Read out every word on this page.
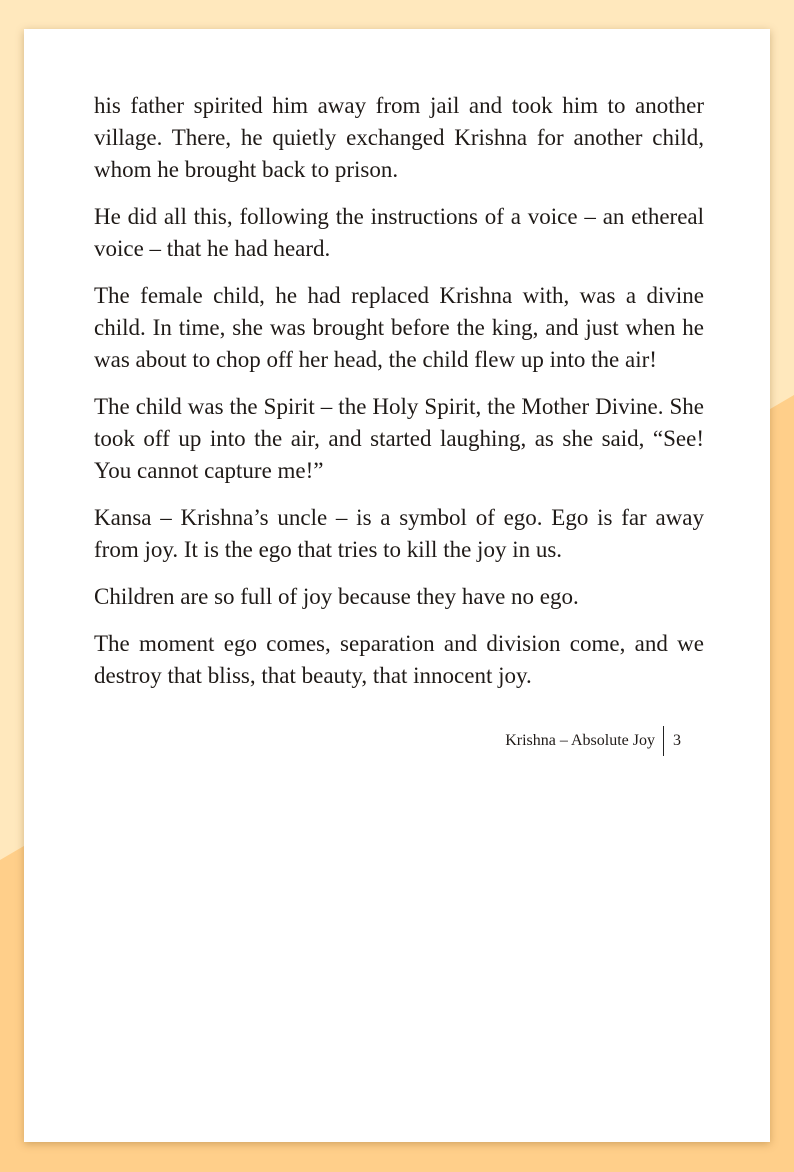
his father spirited him away from jail and took him to another village. There, he quietly exchanged Krishna for another child, whom he brought back to prison.

He did all this, following the instructions of a voice – an ethereal voice – that he had heard.

The female child, he had replaced Krishna with, was a divine child. In time, she was brought before the king, and just when he was about to chop off her head, the child flew up into the air!

The child was the Spirit – the Holy Spirit, the Mother Divine. She took off up into the air, and started laughing, as she said, “See! You cannot capture me!”

Kansa – Krishna’s uncle – is a symbol of ego. Ego is far away from joy. It is the ego that tries to kill the joy in us.

Children are so full of joy because they have no ego.

The moment ego comes, separation and division come, and we destroy that bliss, that beauty, that innocent joy.

Krishna – Absolute Joy 3
